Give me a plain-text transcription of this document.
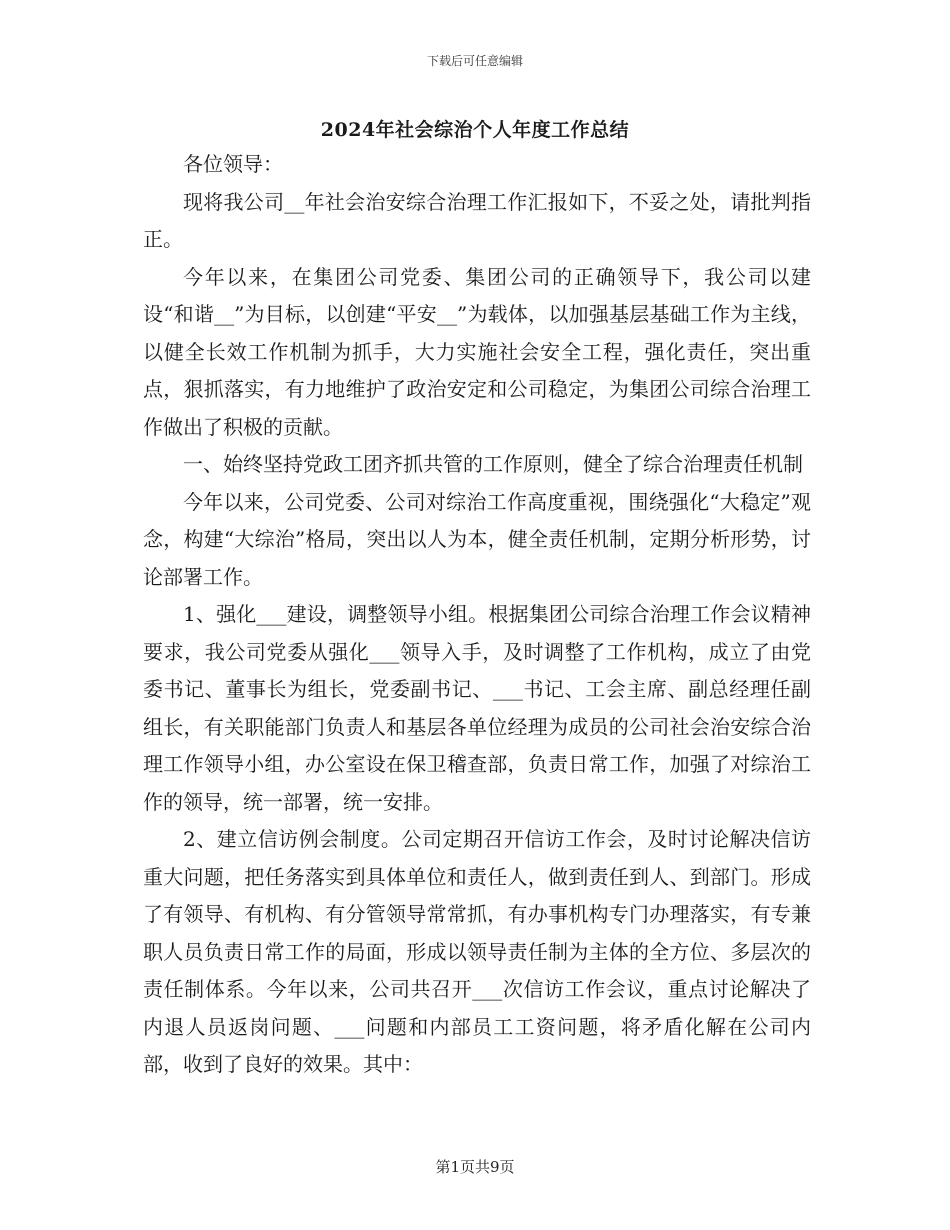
下载后可任意编辑
2024年社会综治个人年度工作总结

各位领导：

现将我公司__年社会治安综合治理工作汇报如下，不妥之处，请批判指正。

今年以来，在集团公司党委、集团公司的正确领导下，我公司以建设“和谐__”为目标，以创建“平安__”为载体，以加强基层基础工作为主线，以健全长效工作机制为抓手，大力实施社会安全工程，强化责任，突出重点，狠抓落实，有力地维护了政治安定和公司稳定，为集团公司综合治理工作做出了积极的贡献。

一、始终坚持党政工团齐抓共管的工作原则，健全了综合治理责任机制

今年以来，公司党委、公司对综治工作高度重视，围绕强化“大稳定”观念，构建“大综治”格局，突出以人为本，健全责任机制，定期分析形势，讨论部署工作。

1、强化___建设，调整领导小组。根据集团公司综合治理工作会议精神要求，我公司党委从强化___领导入手，及时调整了工作机构，成立了由党委书记、董事长为组长，党委副书记、___书记、工会主席、副总经理任副组长，有关职能部门负责人和基层各单位经理为成员的公司社会治安综合治理工作领导小组，办公室设在保卫稽查部，负责日常工作，加强了对综治工作的领导，统一部署，统一安排。

2、建立信访例会制度。公司定期召开信访工作会，及时讨论解决信访重大问题，把任务落实到具体单位和责任人，做到责任到人、到部门。形成了有领导、有机构、有分管领导常常抓，有办事机构专门办理落实，有专兼职人员负责日常工作的局面，形成以领导责任制为主体的全方位、多层次的责任制体系。今年以来，公司共召开___次信访工作会议，重点讨论解决了内退人员返岗问题、___问题和内部员工工资问题，将矛盾化解在公司内部，收到了良好的效果。其中：

第1页共9页
